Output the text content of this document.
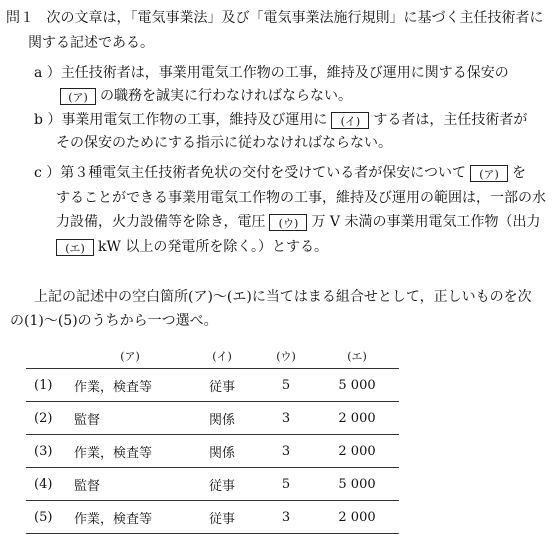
問１ 次の文章は，「電気事業法」及び「電気事業法施行規則」に基づく主任技術者に
関する記述である。
a ）主任技術者は，事業用電気工作物の工事，維持及び運用に関する保安の
(ア) の職務を誠実に行わなければならない。
b ）事業用電気工作物の工事，維持及び運用に (イ) する者は，主任技術者が
その保安のためにする指示に従わなければならない。
c ）第３種電気主任技術者免状の交付を受けている者が保安について (ア) を
することができる事業用電気工作物の工事，維持及び運用の範囲は，一部の水
力設備，火力設備等を除き，電圧 (ウ) 万 V 未満の事業用電気工作物（出力
(エ) kW 以上の発電所を除く。）とする。
上記の記述中の空白箇所(ア)～(エ)に当てはまる組合せとして，正しいものを次
の(1)～(5)のうちから一つ選べ。
	(ア)	(イ)	(ウ)	(エ)
(1)	作業，検査等	従事	5	5 000
(2)	監督	関係	3	2 000
(3)	作業，検査等	関係	3	2 000
(4)	監督	従事	5	5 000
(5)	作業，検査等	従事	3	2 000
